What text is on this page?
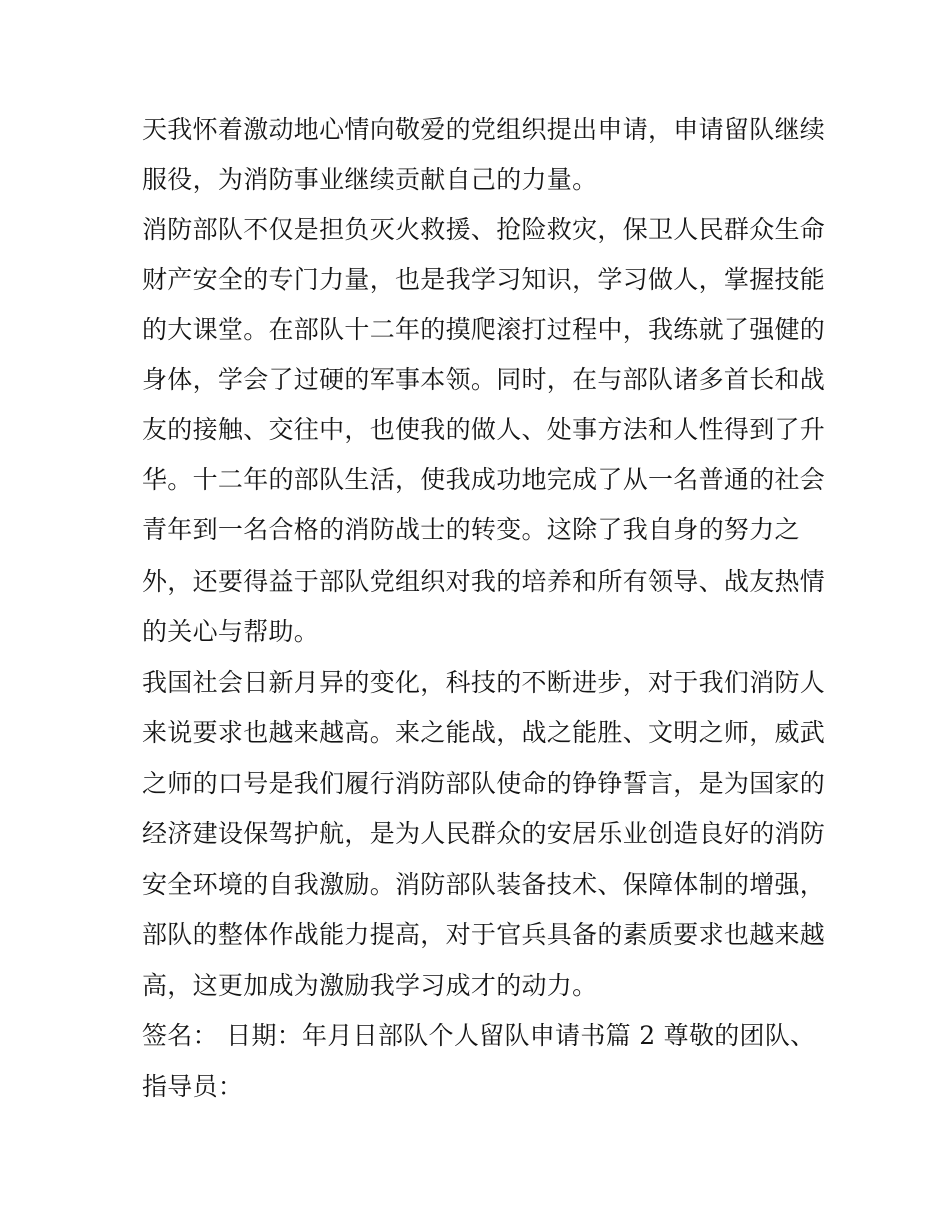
天我怀着激动地心情向敬爱的党组织提出申请，申请留队继续

服役，为消防事业继续贡献自己的力量。

消防部队不仅是担负灭火救援、抢险救灾，保卫人民群众生命

财产安全的专门力量，也是我学习知识，学习做人，掌握技能

的大课堂。在部队十二年的摸爬滚打过程中，我练就了强健的

身体，学会了过硬的军事本领。同时，在与部队诸多首长和战

友的接触、交往中，也使我的做人、处事方法和人性得到了升

华。十二年的部队生活，使我成功地完成了从一名普通的社会

青年到一名合格的消防战士的转变。这除了我自身的努力之

外，还要得益于部队党组织对我的培养和所有领导、战友热情

的关心与帮助。

我国社会日新月异的变化，科技的不断进步，对于我们消防人

来说要求也越来越高。来之能战，战之能胜、文明之师，威武

之师的口号是我们履行消防部队使命的铮铮誓言，是为国家的

经济建设保驾护航，是为人民群众的安居乐业创造良好的消防

安全环境的自我激励。消防部队装备技术、保障体制的增强，

部队的整体作战能力提高，对于官兵具备的素质要求也越来越

高，这更加成为激励我学习成才的动力。

签名： 日期：年月日部队个人留队申请书篇 2 尊敬的团队、

指导员：
